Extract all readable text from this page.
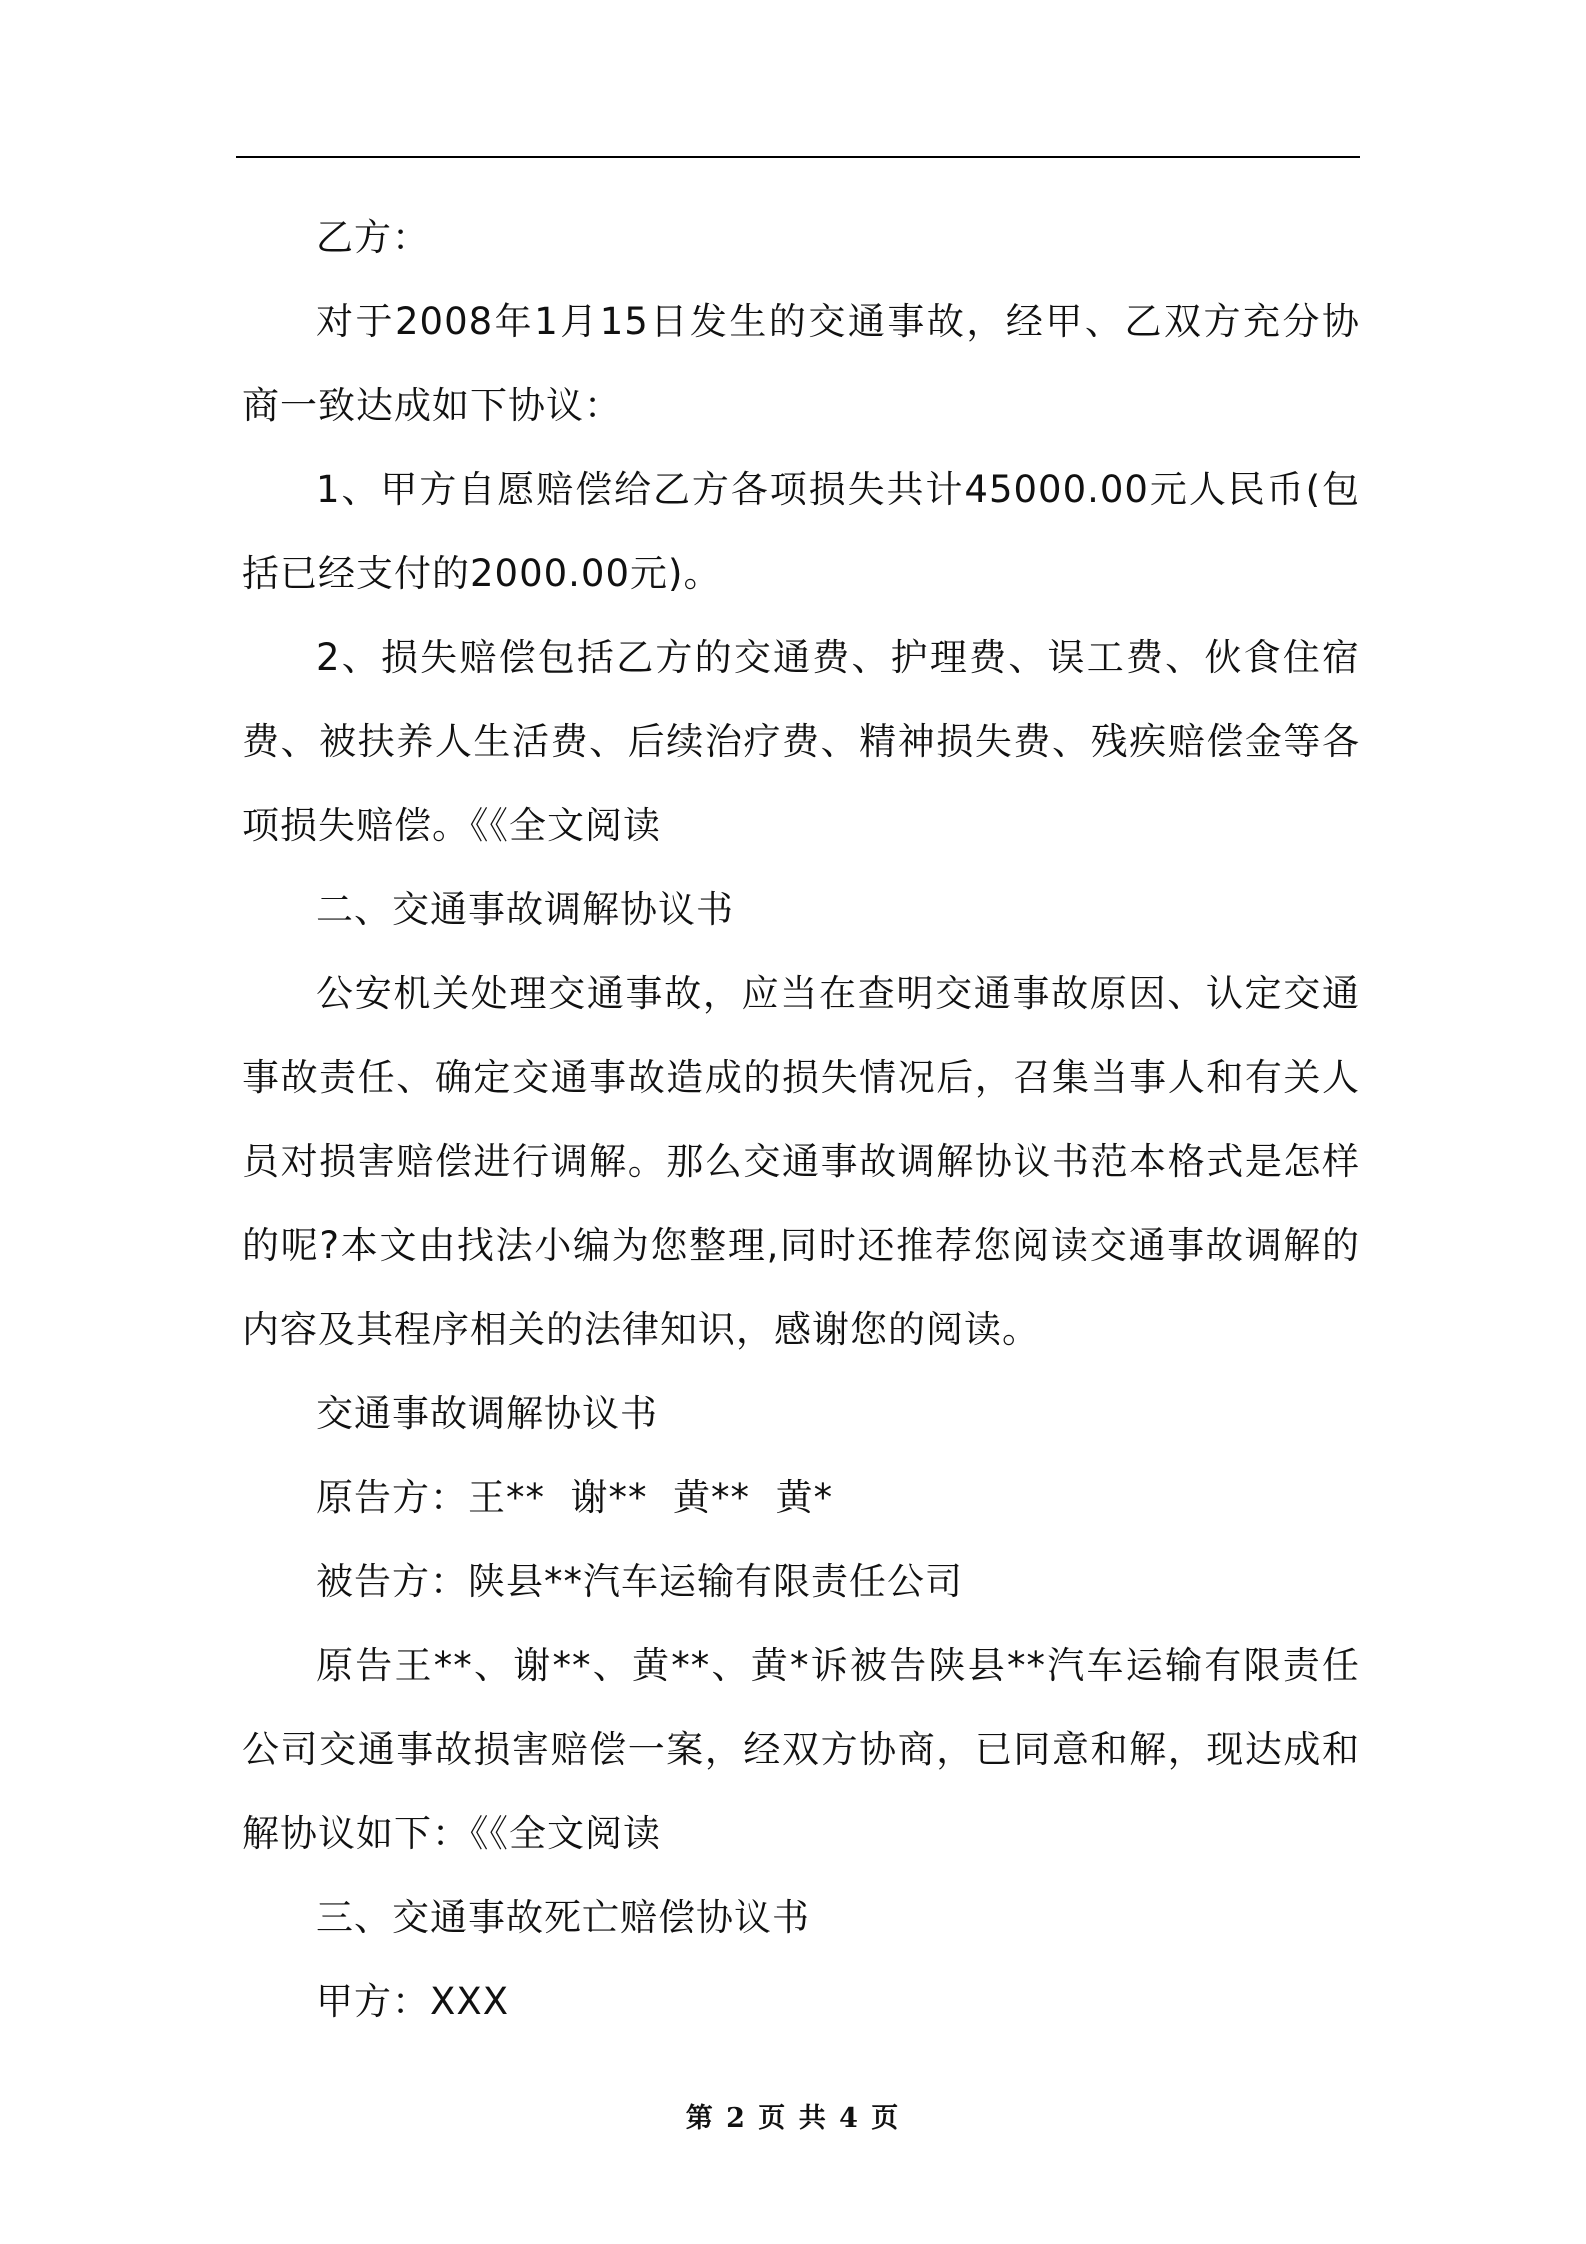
乙方：

对于2008年1月15日发生的交通事故，经甲、乙双方充分协商一致达成如下协议：

1、甲方自愿赔偿给乙方各项损失共计45000.00元人民币(包括已经支付的2000.00元)。

2、损失赔偿包括乙方的交通费、护理费、误工费、伙食住宿费、被扶养人生活费、后续治疗费、精神损失费、残疾赔偿金等各项损失赔偿。《《全文阅读

二、交通事故调解协议书

公安机关处理交通事故，应当在查明交通事故原因、认定交通事故责任、确定交通事故造成的损失情况后，召集当事人和有关人员对损害赔偿进行调解。那么交通事故调解协议书范本格式是怎样的呢?本文由找法小编为您整理,同时还推荐您阅读交通事故调解的内容及其程序相关的法律知识，感谢您的阅读。

交通事故调解协议书

原告方：王**  谢**  黄**  黄*

被告方：陕县**汽车运输有限责任公司

原告王**、谢**、黄**、黄*诉被告陕县**汽车运输有限责任公司交通事故损害赔偿一案，经双方协商，已同意和解，现达成和解协议如下：《《全文阅读

三、交通事故死亡赔偿协议书

甲方：XXX

第 2 页 共 4 页
